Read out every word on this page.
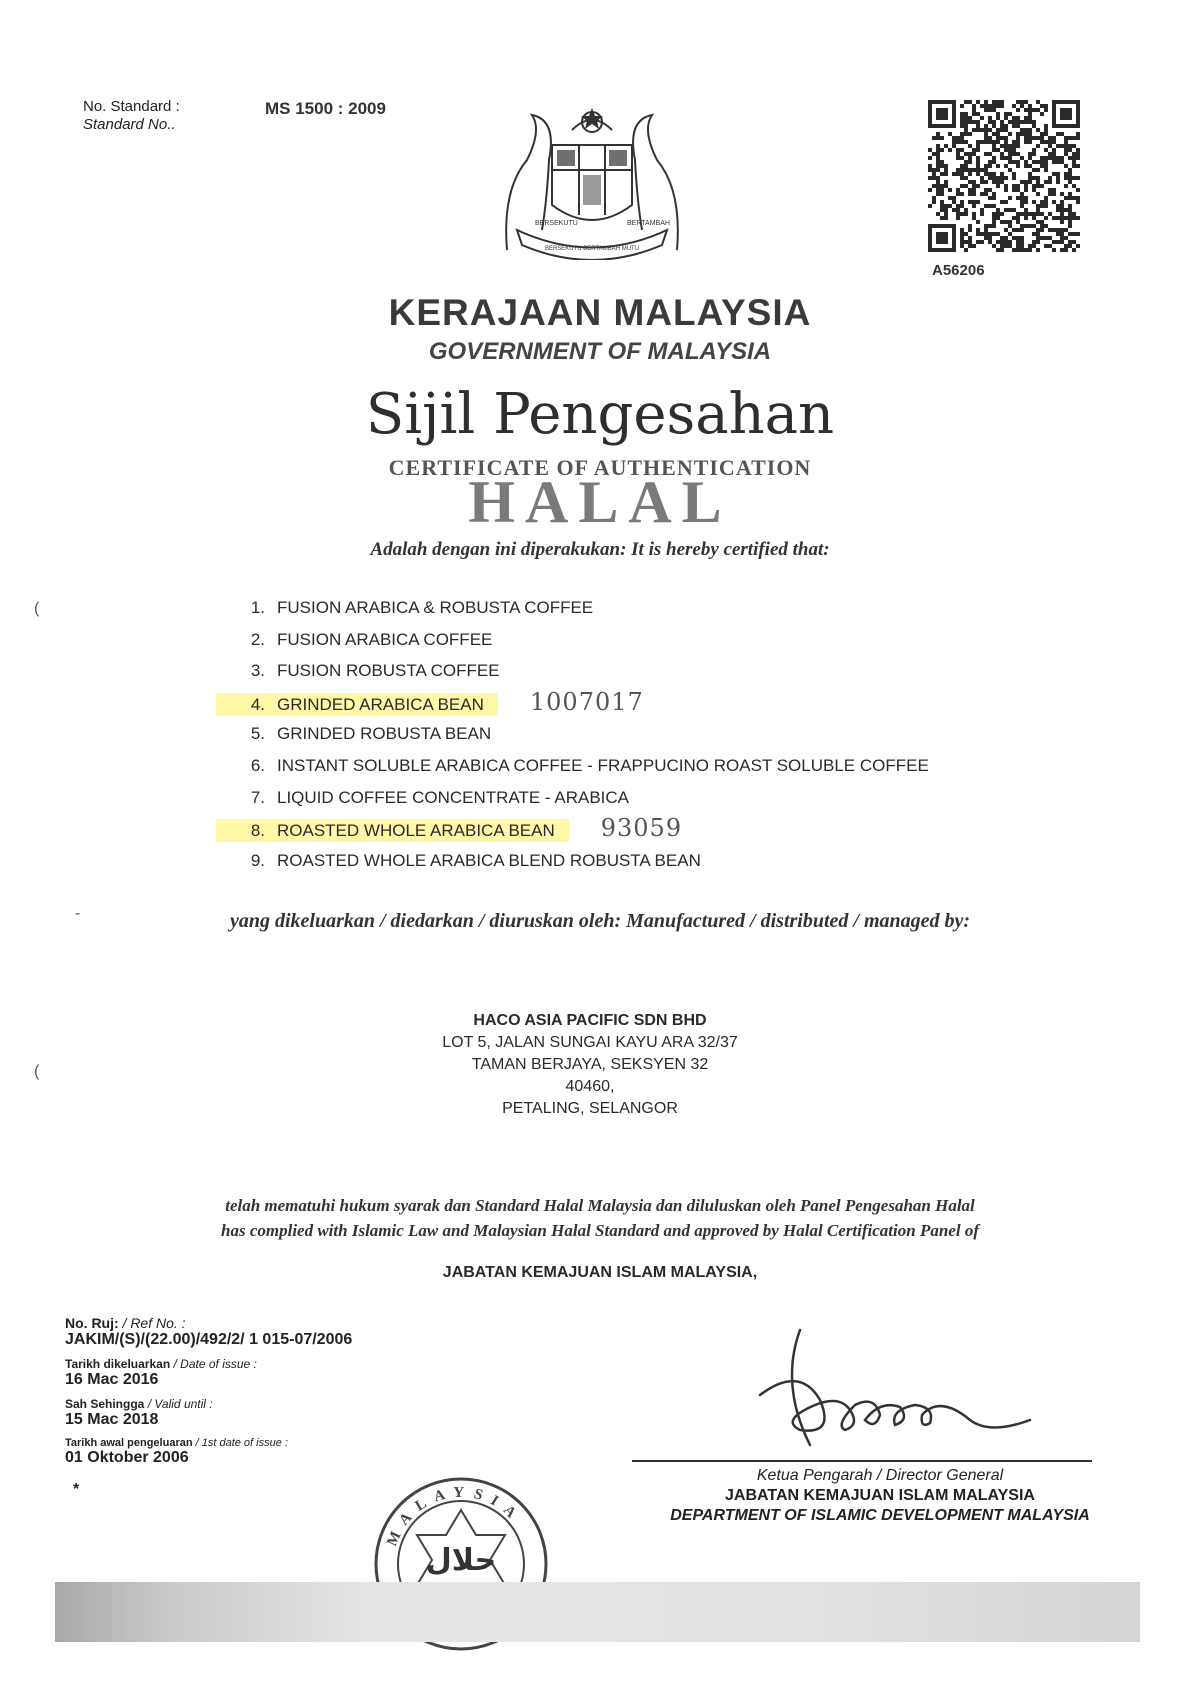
No. Standard :
Standard No..
MS 1500 : 2009
BERSEKUTU	BERTAMBAH
BERSEKUTU BERTAMBAH MUTU
A56206
KERAJAAN MALAYSIA
GOVERNMENT OF MALAYSIA
Sijil Pengesahan
CERTIFICATE OF AUTHENTICATION
HALAL
Adalah dengan ini diperakukan: It is hereby certified that:
1. FUSION ARABICA & ROBUSTA COFFEE
2. FUSION ARABICA COFFEE
3. FUSION ROBUSTA COFFEE
4. GRINDED ARABICA BEAN 1007017
5. GRINDED ROBUSTA BEAN
6. INSTANT SOLUBLE ARABICA COFFEE - FRAPPUCINO ROAST SOLUBLE COFFEE
7. LIQUID COFFEE CONCENTRATE - ARABICA
8. ROASTED WHOLE ARABICA BEAN 93059
9. ROASTED WHOLE ARABICA BLEND ROBUSTA BEAN
yang dikeluarkan / diedarkan / diuruskan oleh: Manufactured / distributed / managed by:
HACO ASIA PACIFIC SDN BHD
LOT 5, JALAN SUNGAI KAYU ARA 32/37
TAMAN BERJAYA, SEKSYEN 32
40460,
PETALING, SELANGOR
telah mematuhi hukum syarak dan Standard Halal Malaysia dan diluluskan oleh Panel Pengesahan Halal
has complied with Islamic Law and Malaysian Halal Standard and approved by Halal Certification Panel of
JABATAN KEMAJUAN ISLAM MALAYSIA,
No. Ruj: / Ref No. :
JAKIM/(S)/(22.00)/492/2/ 1 015-07/2006
Tarikh dikeluarkan / Date of issue :
16 Mac 2016
Sah Sehingga / Valid until :
15 Mac 2018
Tarikh awal pengeluaran / 1st date of issue :
01 Oktober 2006
*
Ketua Pengarah / Director General
JABATAN KEMAJUAN ISLAM MALAYSIA
DEPARTMENT OF ISLAMIC DEVELOPMENT MALAYSIA
MALAYSIA
حلال
(
(
-
